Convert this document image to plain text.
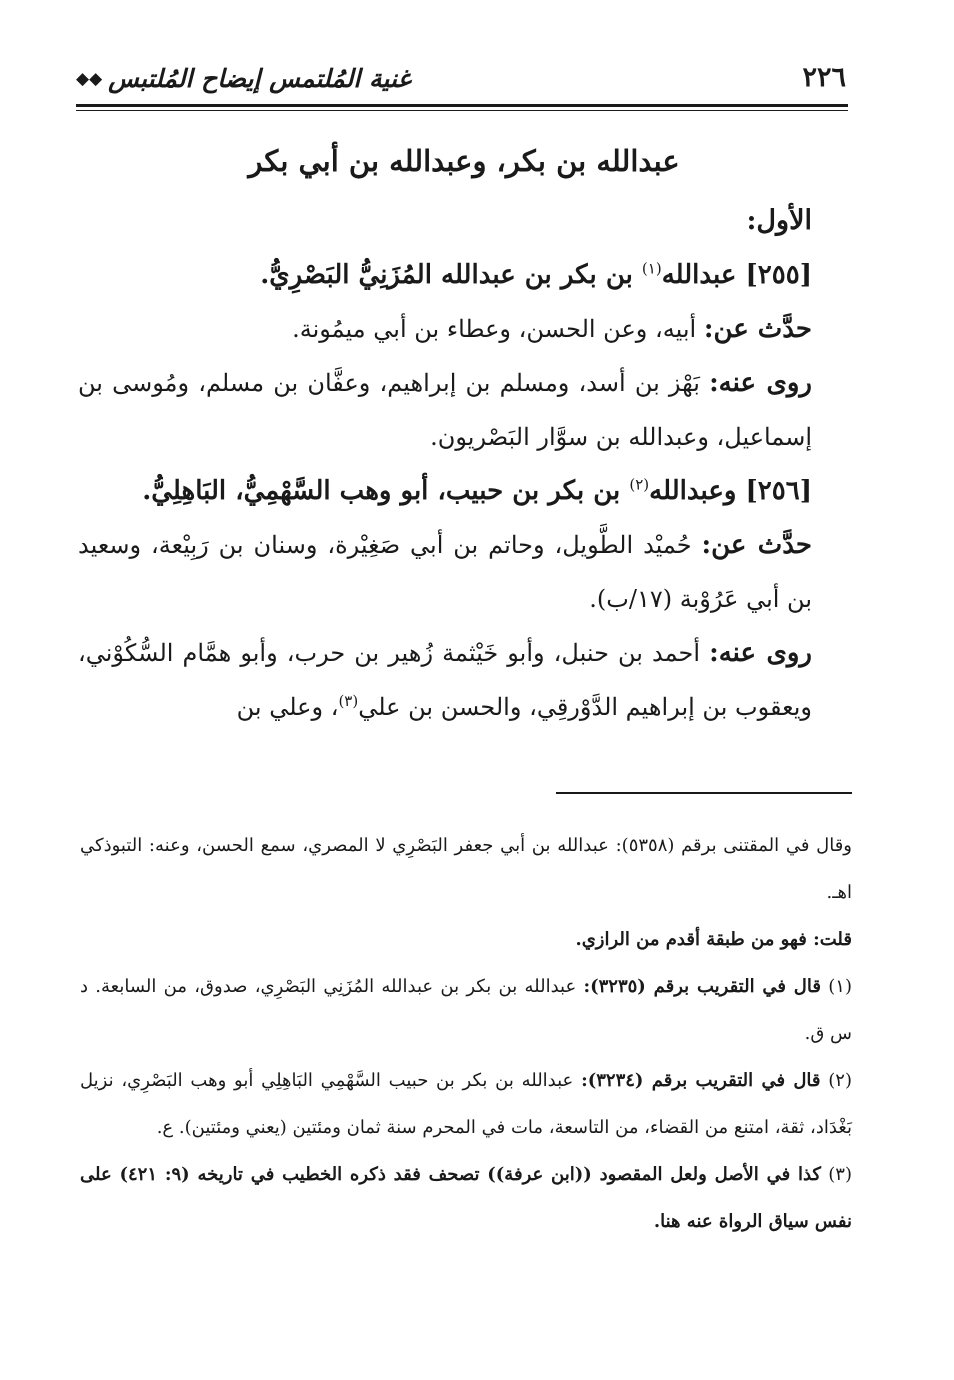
٢٢٦
غنية المُلتمس إيضاح المُلتبس
◆◆
عبدالله بن بكر، وعبدالله بن أبي بكر
الأول:
[٢٥٥] عبدالله$^{(١)}$ بن بكر بن عبدالله المُزَنِيُّ البَصْرِيُّ.

حدَّث عن: أبيه، وعن الحسن، وعطاء بن أبي ميمُونة.

روى عنه: بَهْز بن أسد، ومسلم بن إبراهيم، وعفَّان بن مسلم، ومُوسى بن إسماعيل، وعبدالله بن سوَّار البَصْريون.

[٢٥٦] وعبدالله$^{(٢)}$ بن بكر بن حبيب، أبو وهب السَّهْمِيُّ، البَاهِلِيُّ.

حدَّث عن: حُميْد الطَّويل، وحاتم بن أبي صَغِيْرة، وسنان بن رَبِيْعة، وسعيد بن أبي عَرُوْبة (١٧/ب).

روى عنه: أحمد بن حنبل، وأبو خَيْثمة زُهير بن حرب، وأبو همَّام السُّكُوْني، ويعقوب بن إبراهيم الدَّوْرقِي، والحسن بن علي$^{(٣)}$، وعلي بن

وقال في المقتنى برقم (٥٣٥٨): عبدالله بن أبي جعفر البَصْرِي لا المصري، سمع الحسن، وعنه: التبوذكي اهـ.

قلت: فهو من طبقة أقدم من الرازي.

(١) قال في التقريب برقم (٣٢٣٥): عبدالله بن بكر بن عبدالله المُزَنِي البَصْرِي، صدوق، من السابعة. د س ق.

(٢) قال في التقريب برقم (٣٢٣٤): عبدالله بن بكر بن حبيب السَّهْمِي البَاهِلِي أبو وهب البَصْرِي، نزيل بَغْدَاد، ثقة، امتنع من القضاء، من التاسعة، مات في المحرم سنة ثمان ومئتين (يعني ومئتين). ع.

(٣) كذا في الأصل ولعل المقصود ((ابن عرفة)) تصحف فقد ذكره الخطيب في تاريخه (٩: ٤٢١) على نفس سياق الرواة عنه هنا.
